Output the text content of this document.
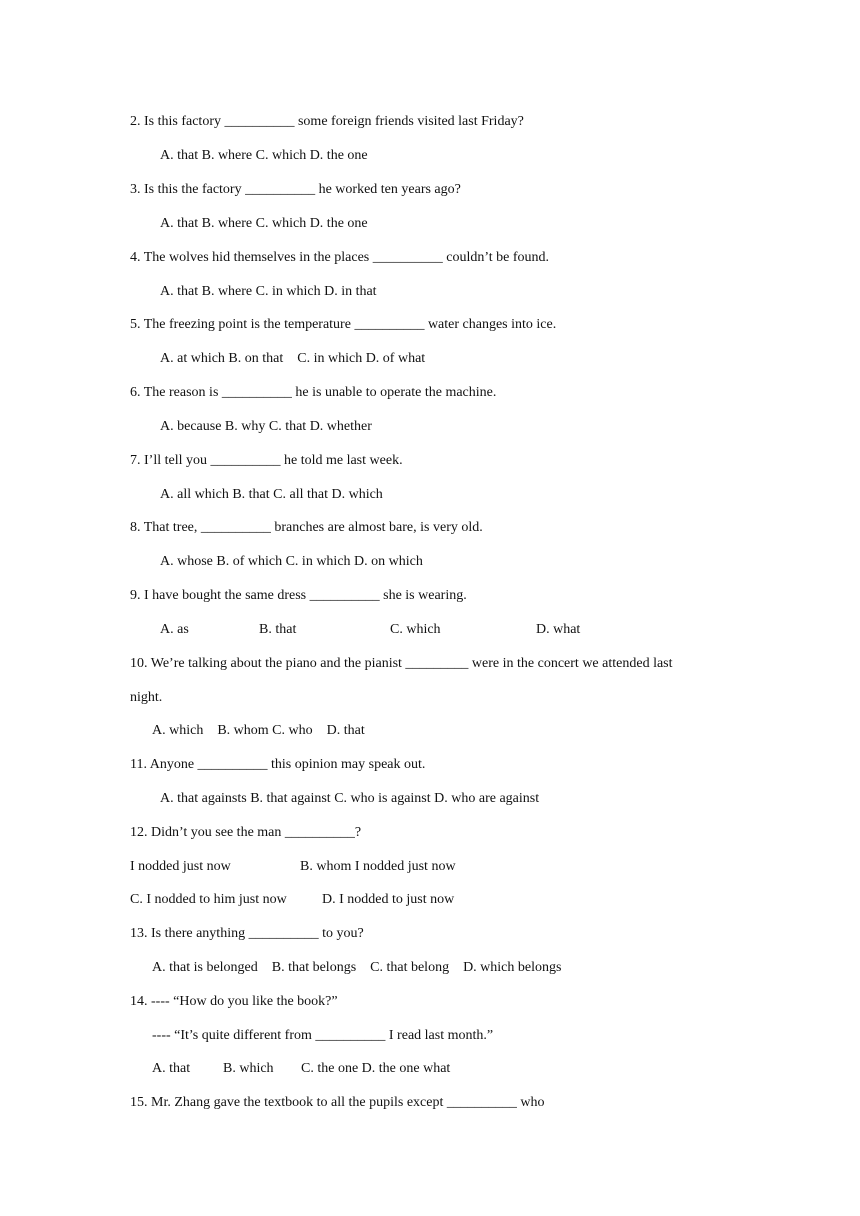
2. Is this factory __________ some foreign friends visited last Friday?
A. that B. where C. which D. the one
3. Is this the factory __________ he worked ten years ago?
A. that B. where C. which D. the one
4. The wolves hid themselves in the places __________ couldn’t be found.
A. that B. where C. in which D. in that
5. The freezing point is the temperature __________ water changes into ice.
A. at which B. on that    C. in which D. of what
6. The reason is __________ he is unable to operate the machine.
A. because B. why C. that D. whether
7. I’ll tell you __________ he told me last week.
A. all which B. that C. all that D. which
8. That tree, __________ branches are almost bare, is very old.
A. whose B. of which C. in which D. on which
9. I have bought the same dress __________ she is wearing.
A. as	B. that	C. which	D. what
10. We’re talking about the piano and the pianist _________ were in the concert we attended last
night.
A. which    B. whom C. who    D. that
11. Anyone __________ this opinion may speak out.
A. that againsts B. that against C. who is against D. who are against
12. Didn’t you see the man __________?
I nodded just now	B. whom I nodded just now
C. I nodded to him just now	D. I nodded to just now
13. Is there anything __________ to you?
A. that is belonged    B. that belongs    C. that belong    D. which belongs
14. ---- “How do you like the book?”
---- “It’s quite different from __________ I read last month.”
A. that B. which C. the one D. the one what
15. Mr. Zhang gave the textbook to all the pupils except __________ who
